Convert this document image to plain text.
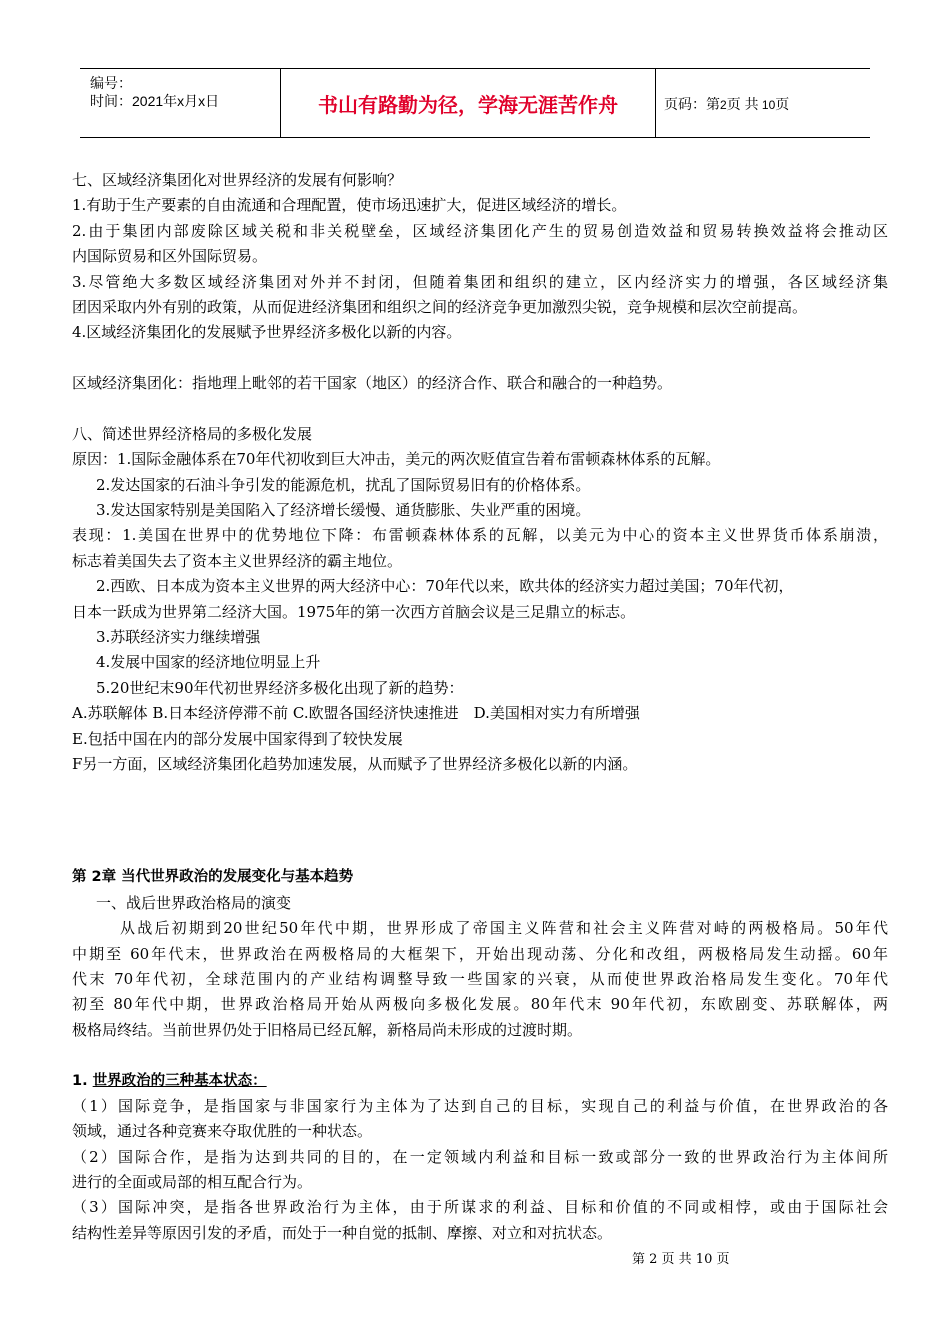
编号：
时间：2021年x月x日	书山有路勤为径，学海无涯苦作舟	页码：第2页 共 10页
七、区域经济集团化对世界经济的发展有何影响？
1.有助于生产要素的自由流通和合理配置，使市场迅速扩大，促进区域经济的增长。
2.由于集团内部废除区域关税和非关税壁垒，区域经济集团化产生的贸易创造效益和贸易转换效益将会推动区
内国际贸易和区外国际贸易。
3.尽管绝大多数区域经济集团对外并不封闭，但随着集团和组织的建立，区内经济实力的增强，各区域经济集
团因采取内外有别的政策，从而促进经济集团和组织之间的经济竞争更加激烈尖锐，竞争规模和层次空前提高。
4.区域经济集团化的发展赋予世界经济多极化以新的内容。
区域经济集团化：指地理上毗邻的若干国家（地区）的经济合作、联合和融合的一种趋势。
八、简述世界经济格局的多极化发展
原因：1.国际金融体系在70年代初收到巨大冲击，美元的两次贬值宣告着布雷顿森林体系的瓦解。
2.发达国家的石油斗争引发的能源危机，扰乱了国际贸易旧有的价格体系。
3.发达国家特别是美国陷入了经济增长缓慢、通货膨胀、失业严重的困境。
表现：1.美国在世界中的优势地位下降：布雷顿森林体系的瓦解，以美元为中心的资本主义世界货币体系崩溃，
标志着美国失去了资本主义世界经济的霸主地位。
2.西欧、日本成为资本主义世界的两大经济中心：70年代以来，欧共体的经济实力超过美国；70年代初，
日本一跃成为世界第二经济大国。1975年的第一次西方首脑会议是三足鼎立的标志。
3.苏联经济实力继续增强
4.发展中国家的经济地位明显上升
5.20世纪末90年代初世界经济多极化出现了新的趋势：
A.苏联解体 B.日本经济停滞不前 C.欧盟各国经济快速推进　D.美国相对实力有所增强
E.包括中国在内的部分发展中国家得到了较快发展
F另一方面，区域经济集团化趋势加速发展，从而赋予了世界经济多极化以新的内涵。
第 2章 当代世界政治的发展变化与基本趋势
一、战后世界政治格局的演变
从战后初期到20世纪50年代中期，世界形成了帝国主义阵营和社会主义阵营对峙的两极格局。50年代
中期至 60年代末，世界政治在两极格局的大框架下，开始出现动荡、分化和改组，两极格局发生动摇。60年
代末 70年代初，全球范围内的产业结构调整导致一些国家的兴衰，从而使世界政治格局发生变化。70年代
初至 80年代中期，世界政治格局开始从两极向多极化发展。80年代末 90年代初，东欧剧变、苏联解体，两
极格局终结。当前世界仍处于旧格局已经瓦解，新格局尚未形成的过渡时期。
1. 世界政治的三种基本状态：
（1）国际竞争，是指国家与非国家行为主体为了达到自己的目标，实现自己的利益与价值，在世界政治的各
领域，通过各种竞赛来夺取优胜的一种状态。
（2）国际合作，是指为达到共同的目的，在一定领域内利益和目标一致或部分一致的世界政治行为主体间所
进行的全面或局部的相互配合行为。
（3）国际冲突，是指各世界政治行为主体，由于所谋求的利益、目标和价值的不同或相悖，或由于国际社会
结构性差异等原因引发的矛盾，而处于一种自觉的抵制、摩擦、对立和对抗状态。
第 2 页 共 10 页
